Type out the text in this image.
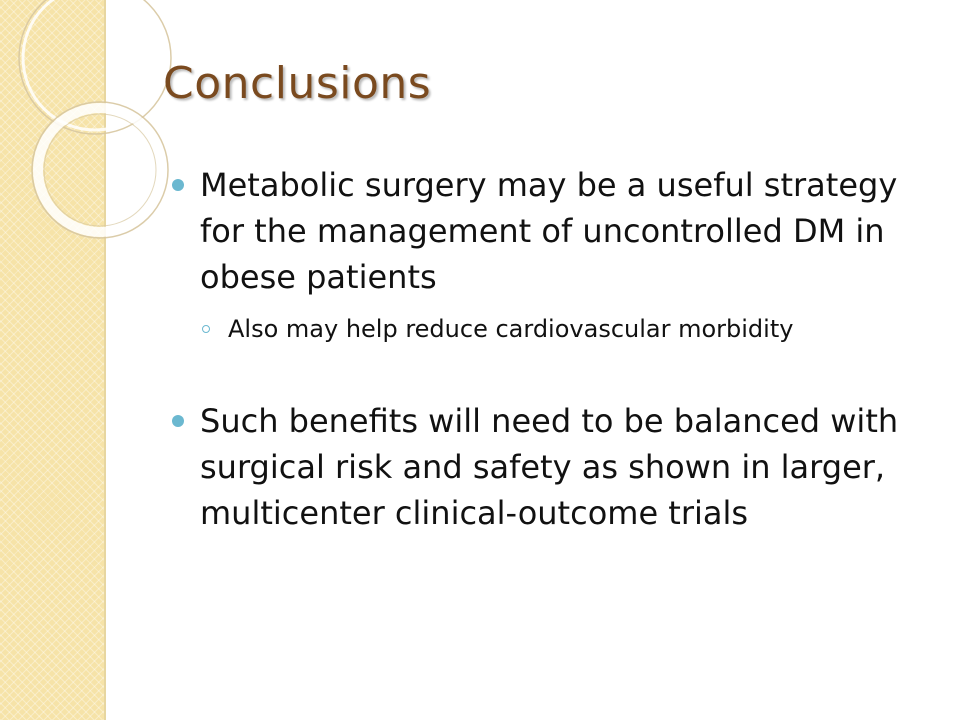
Conclusions
Metabolic surgery may be a useful strategy for the management of uncontrolled DM in obese patients
Also may help reduce cardiovascular morbidity
Such benefits will need to be balanced with surgical risk and safety as shown in larger, multicenter clinical-outcome trials
